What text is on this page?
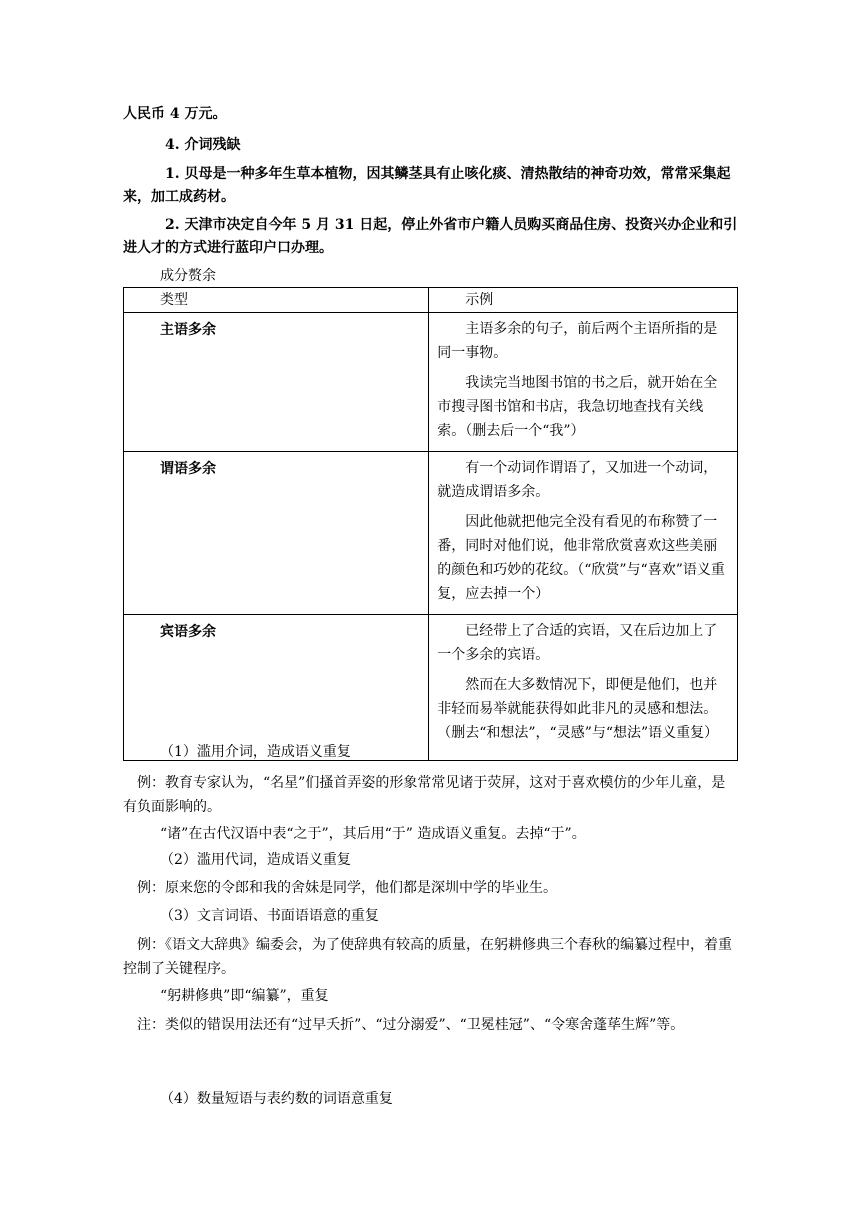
人民币 4 万元。
4. 介词残缺
1. 贝母是一种多年生草本植物，因其鳞茎具有止咳化痰、清热散结的神奇功效，常常采集起来，加工成药材。
2. 天津市决定自今年 5 月 31 日起，停止外省市户籍人员购买商品住房、投资兴办企业和引进人才的方式进行蓝印户口办理。
成分赘余
类型	示例
主语多余	主语多余的句子，前后两个主语所指的是同一事物。

我读完当地图书馆的书之后，就开始在全市搜寻图书馆和书店，我急切地查找有关线索。（删去后一个“我”）

谓语多余	有一个动词作谓语了，又加进一个动词，就造成谓语多余。

因此他就把他完全没有看见的布称赞了一番，同时对他们说，他非常欣赏喜欢这些美丽的颜色和巧妙的花纹。（“欣赏”与“喜欢”语义重复，应去掉一个）

宾语多余	已经带上了合适的宾语，又在后边加上了一个多余的宾语。

然而在大多数情况下，即便是他们，也并非轻而易举就能获得如此非凡的灵感和想法。（删去“和想法”，“灵感”与“想法”语义重复）

（1）滥用介词，造成语义重复
例：教育专家认为，“名星”们搔首弄姿的形象常常见诸于荧屏，这对于喜欢模仿的少年儿童，是有负面影响的。
“诸”在古代汉语中表“之于”，其后用“于” 造成语义重复。去掉“于”。
（2）滥用代词，造成语义重复
例：原来您的令郎和我的舍妹是同学，他们都是深圳中学的毕业生。
（3）文言词语、书面语语意的重复
例：《语文大辞典》编委会，为了使辞典有较高的质量，在躬耕修典三个春秋的编纂过程中，着重控制了关键程序。
“躬耕修典”即“编纂”，重复
注：类似的错误用法还有“过早夭折”、“过分溺爱”、“卫冕桂冠”、“令寒舍蓬荜生辉”等。
（4）数量短语与表约数的词语意重复
